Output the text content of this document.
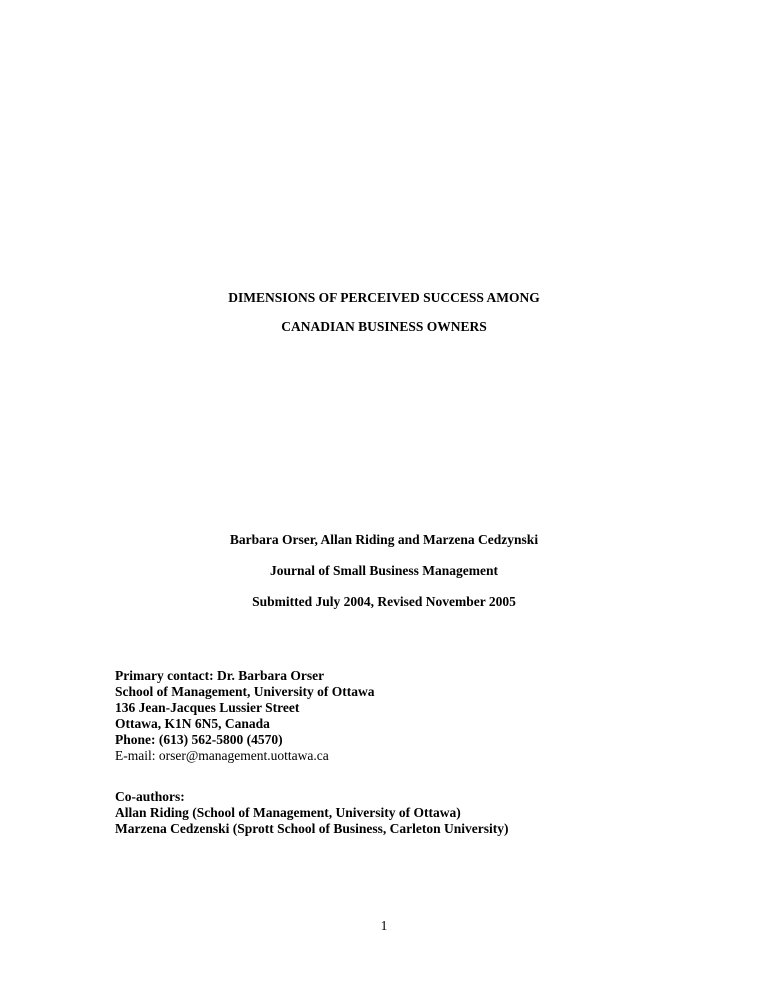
DIMENSIONS OF PERCEIVED SUCCESS AMONG
CANADIAN BUSINESS OWNERS
Barbara Orser, Allan Riding and Marzena Cedzynski
Journal of Small Business Management
Submitted July 2004, Revised November 2005
Primary contact: Dr. Barbara Orser
School of Management, University of Ottawa
136 Jean-Jacques Lussier Street
Ottawa, K1N 6N5, Canada
Phone: (613) 562-5800 (4570)
E-mail: orser@management.uottawa.ca
Co-authors:
Allan Riding (School of Management, University of Ottawa)
Marzena Cedzenski (Sprott School of Business, Carleton University)
1
